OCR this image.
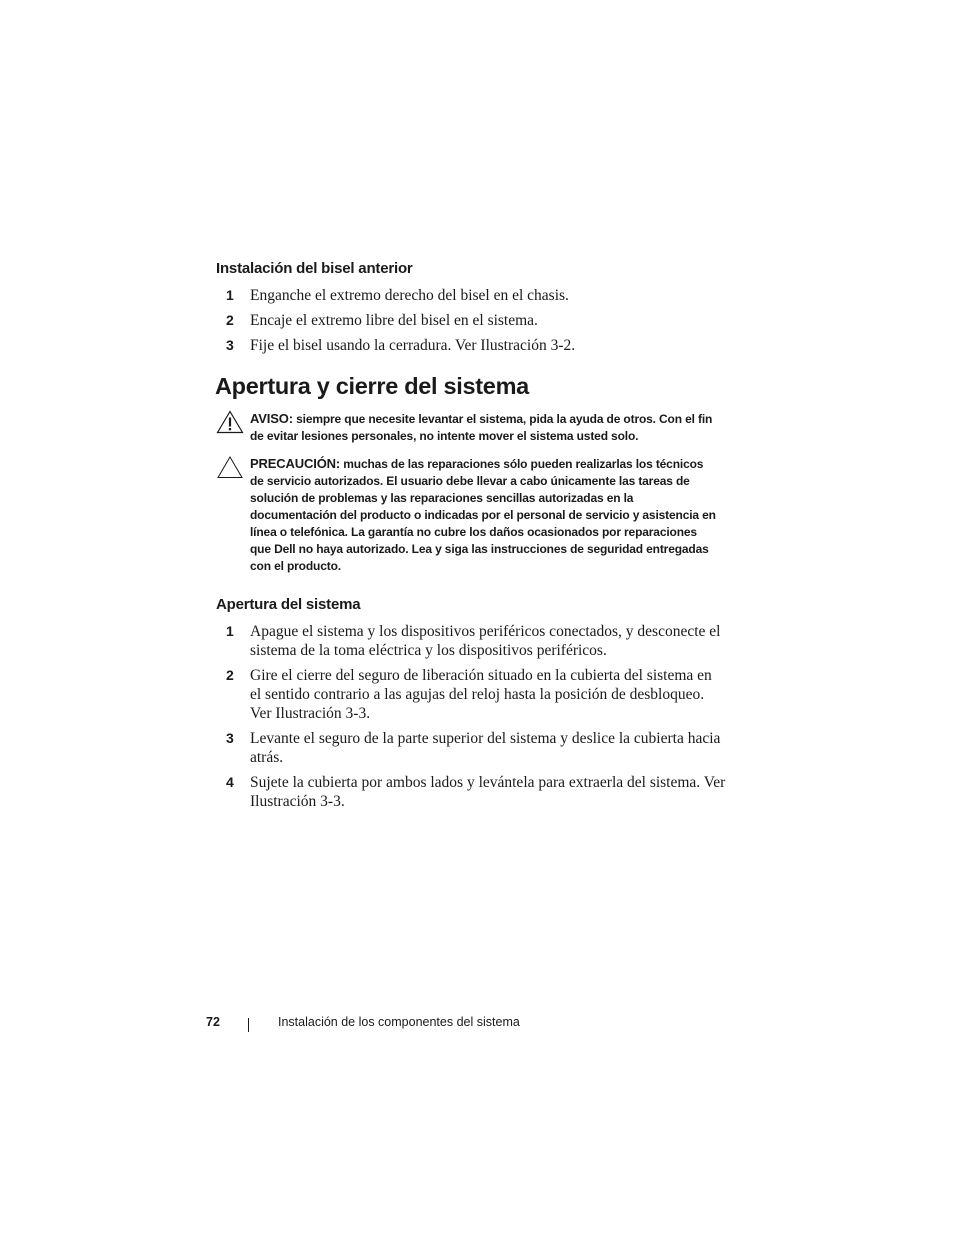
Instalación del bisel anterior
1 Enganche el extremo derecho del bisel en el chasis.
2 Encaje el extremo libre del bisel en el sistema.
3 Fije el bisel usando la cerradura. Ver Ilustración 3-2.
Apertura y cierre del sistema
AVISO: siempre que necesite levantar el sistema, pida la ayuda de otros. Con el fin de evitar lesiones personales, no intente mover el sistema usted solo.
PRECAUCIÓN: muchas de las reparaciones sólo pueden realizarlas los técnicos de servicio autorizados. El usuario debe llevar a cabo únicamente las tareas de solución de problemas y las reparaciones sencillas autorizadas en la documentación del producto o indicadas por el personal de servicio y asistencia en línea o telefónica. La garantía no cubre los daños ocasionados por reparaciones que Dell no haya autorizado. Lea y siga las instrucciones de seguridad entregadas con el producto.
Apertura del sistema
1 Apague el sistema y los dispositivos periféricos conectados, y desconecte el sistema de la toma eléctrica y los dispositivos periféricos.
2 Gire el cierre del seguro de liberación situado en la cubierta del sistema en el sentido contrario a las agujas del reloj hasta la posición de desbloqueo. Ver Ilustración 3-3.
3 Levante el seguro de la parte superior del sistema y deslice la cubierta hacia atrás.
4 Sujete la cubierta por ambos lados y levántela para extraerla del sistema. Ver Ilustración 3-3.
72	Instalación de los componentes del sistema
